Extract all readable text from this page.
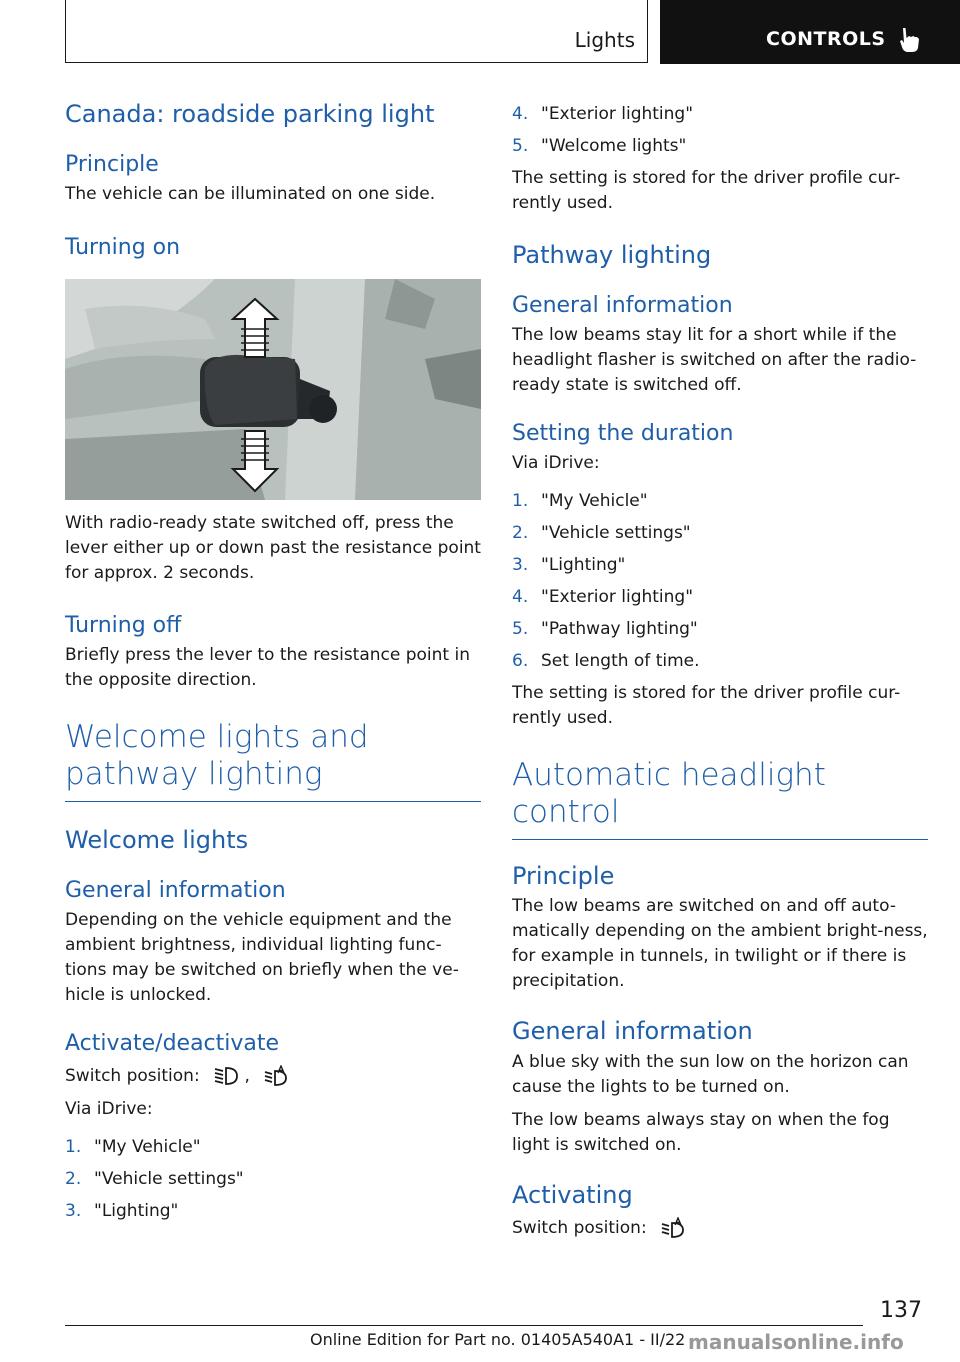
Lights	CONTROLS
Canada: roadside parking light
Principle
The vehicle can be illuminated on one side.
Turning on
With radio-ready state switched off, press the lever either up or down past the resistance point for approx. 2 seconds.
Turning off
Briefly press the lever to the resistance point in the opposite direction.
Welcome lights and pathway lighting
Welcome lights
General information
Depending on the vehicle equipment and the ambient brightness, individual lighting func-tions may be switched on briefly when the ve-hicle is unlocked.
Activate/deactivate
Switch position:	,
Via iDrive:
1. "My Vehicle"
2. "Vehicle settings"
3. "Lighting"
4. "Exterior lighting"
5. "Welcome lights"
The setting is stored for the driver profile cur-rently used.
Pathway lighting
General information
The low beams stay lit for a short while if the headlight flasher is switched on after the radio-ready state is switched off.
Setting the duration
Via iDrive:
1. "My Vehicle"
2. "Vehicle settings"
3. "Lighting"
4. "Exterior lighting"
5. "Pathway lighting"
6. Set length of time.
The setting is stored for the driver profile cur-rently used.
Automatic headlight control
Principle
The low beams are switched on and off auto-matically depending on the ambient bright-ness, for example in tunnels, in twilight or if there is precipitation.
General information
A blue sky with the sun low on the horizon can cause the lights to be turned on.
The low beams always stay on when the fog light is switched on.
Activating
Switch position:
137
Online Edition for Part no. 01405A540A1 - II/22 manualsonline.info
